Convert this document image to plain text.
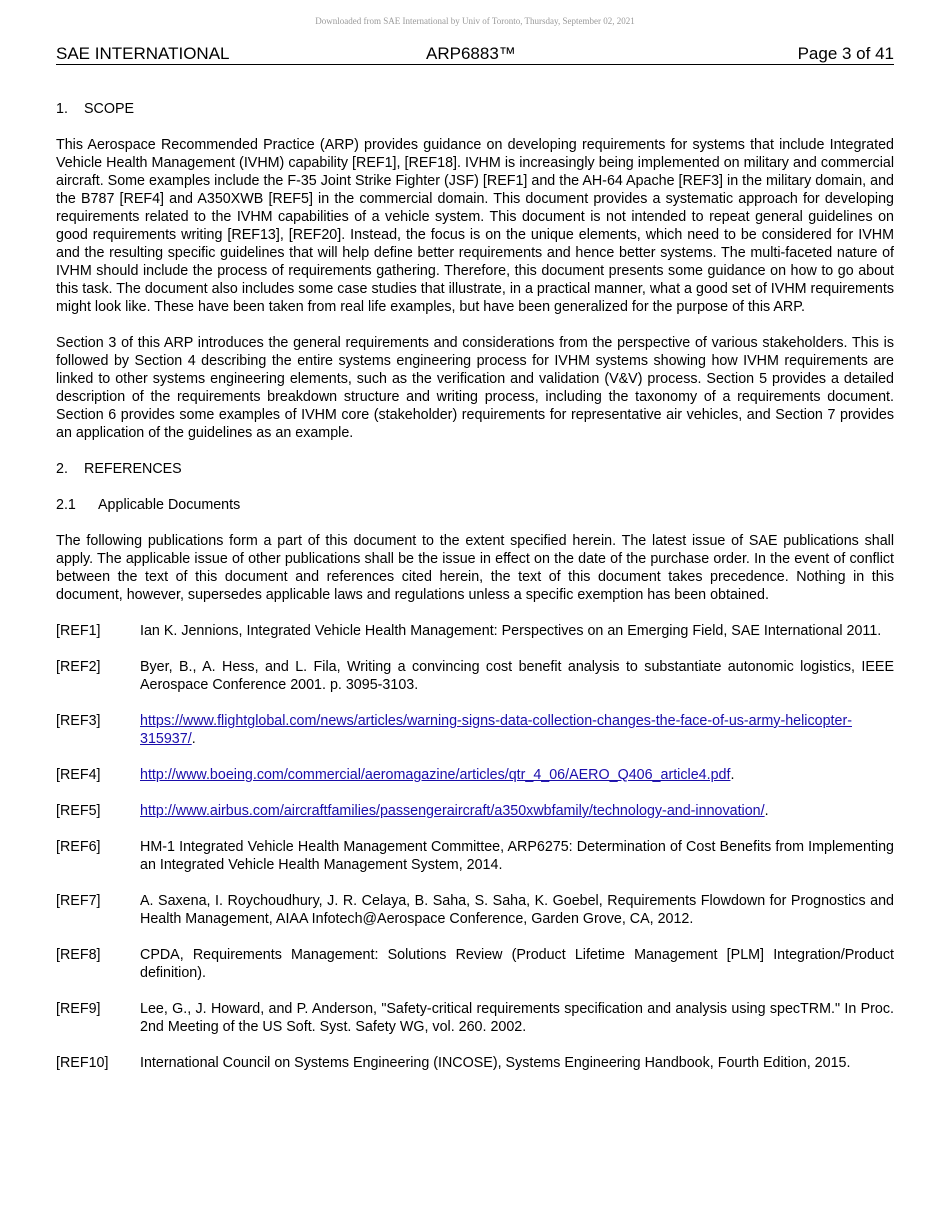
Downloaded from SAE International by Univ of Toronto, Thursday, September 02, 2021
SAE INTERNATIONAL	ARP6883™	Page 3 of 41
1. SCOPE

This Aerospace Recommended Practice (ARP) provides guidance on developing requirements for systems that include Integrated Vehicle Health Management (IVHM) capability [REF1], [REF18]. IVHM is increasingly being implemented on military and commercial aircraft. Some examples include the F-35 Joint Strike Fighter (JSF) [REF1] and the AH-64 Apache [REF3] in the military domain, and the B787 [REF4] and A350XWB [REF5] in the commercial domain. This document provides a systematic approach for developing requirements related to the IVHM capabilities of a vehicle system. This document is not intended to repeat general guidelines on good requirements writing [REF13], [REF20]. Instead, the focus is on the unique elements, which need to be considered for IVHM and the resulting specific guidelines that will help define better requirements and hence better systems. The multi-faceted nature of IVHM should include the process of requirements gathering. Therefore, this document presents some guidance on how to go about this task. The document also includes some case studies that illustrate, in a practical manner, what a good set of IVHM requirements might look like. These have been taken from real life examples, but have been generalized for the purpose of this ARP.

Section 3 of this ARP introduces the general requirements and considerations from the perspective of various stakeholders. This is followed by Section 4 describing the entire systems engineering process for IVHM systems showing how IVHM requirements are linked to other systems engineering elements, such as the verification and validation (V&V) process. Section 5 provides a detailed description of the requirements breakdown structure and writing process, including the taxonomy of a requirements document. Section 6 provides some examples of IVHM core (stakeholder) requirements for representative air vehicles, and Section 7 provides an application of the guidelines as an example.

2. REFERENCES
2.1 Applicable Documents

The following publications form a part of this document to the extent specified herein. The latest issue of SAE publications shall apply. The applicable issue of other publications shall be the issue in effect on the date of the purchase order. In the event of conflict between the text of this document and references cited herein, the text of this document takes precedence. Nothing in this document, however, supersedes applicable laws and regulations unless a specific exemption has been obtained.

[REF1]	Ian K. Jennions, Integrated Vehicle Health Management: Perspectives on an Emerging Field, SAE International 2011.
[REF2]	Byer, B., A. Hess, and L. Fila, Writing a convincing cost benefit analysis to substantiate autonomic logistics, IEEE Aerospace Conference 2001. p. 3095-3103.
[REF3]	https://www.flightglobal.com/news/articles/warning-signs-data-collection-changes-the-face-of-us-army-helicopter-315937/.
[REF4]	http://www.boeing.com/commercial/aeromagazine/articles/qtr_4_06/AERO_Q406_article4.pdf.
[REF5]	http://www.airbus.com/aircraftfamilies/passengeraircraft/a350xwbfamily/technology-and-innovation/.
[REF6]	HM-1 Integrated Vehicle Health Management Committee, ARP6275: Determination of Cost Benefits from Implementing an Integrated Vehicle Health Management System, 2014.
[REF7]	A. Saxena, I. Roychoudhury, J. R. Celaya, B. Saha, S. Saha, K. Goebel, Requirements Flowdown for Prognostics and Health Management, AIAA Infotech@Aerospace Conference, Garden Grove, CA, 2012.
[REF8]	CPDA, Requirements Management: Solutions Review (Product Lifetime Management [PLM] Integration/Product definition).
[REF9]	Lee, G., J. Howard, and P. Anderson, "Safety-critical requirements specification and analysis using specTRM." In Proc. 2nd Meeting of the US Soft. Syst. Safety WG, vol. 260. 2002.
[REF10]	International Council on Systems Engineering (INCOSE), Systems Engineering Handbook, Fourth Edition, 2015.
